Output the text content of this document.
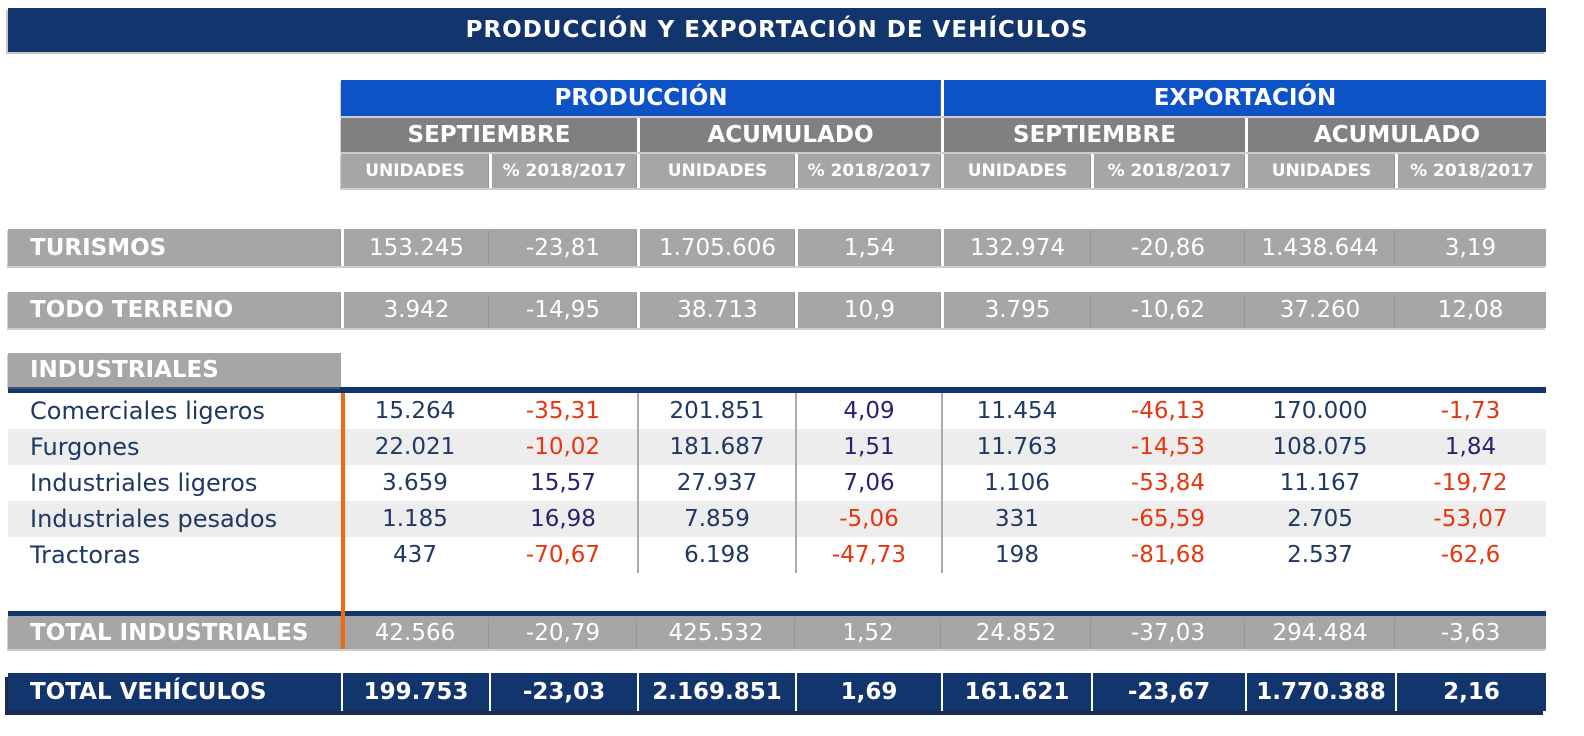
PRODUCCIÓN Y EXPORTACIÓN DE VEHÍCULOS
PRODUCCIÓN	EXPORTACIÓN
SEPTIEMBRE	ACUMULADO	SEPTIEMBRE	ACUMULADO
UNIDADES	% 2018/2017	UNIDADES	% 2018/2017	UNIDADES	% 2018/2017	UNIDADES	% 2018/2017
TURISMOS	153.245	-23,81	1.705.606	1,54	132.974	-20,86	1.438.644	3,19
TODO TERRENO	3.942	-14,95	38.713	10,9	3.795	-10,62	37.260	12,08
INDUSTRIALES
Comerciales ligeros	15.264	-35,31	201.851	4,09	11.454	-46,13	170.000	-1,73
Furgones	22.021	-10,02	181.687	1,51	11.763	-14,53	108.075	1,84
Industriales ligeros	3.659	15,57	27.937	7,06	1.106	-53,84	11.167	-19,72
Industriales pesados	1.185	16,98	7.859	-5,06	331	-65,59	2.705	-53,07
Tractoras	437	-70,67	6.198	-47,73	198	-81,68	2.537	-62,6
TOTAL INDUSTRIALES	42.566	-20,79	425.532	1,52	24.852	-37,03	294.484	-3,63
TOTAL VEHÍCULOS	199.753	-23,03	2.169.851	1,69	161.621	-23,67	1.770.388	2,16
